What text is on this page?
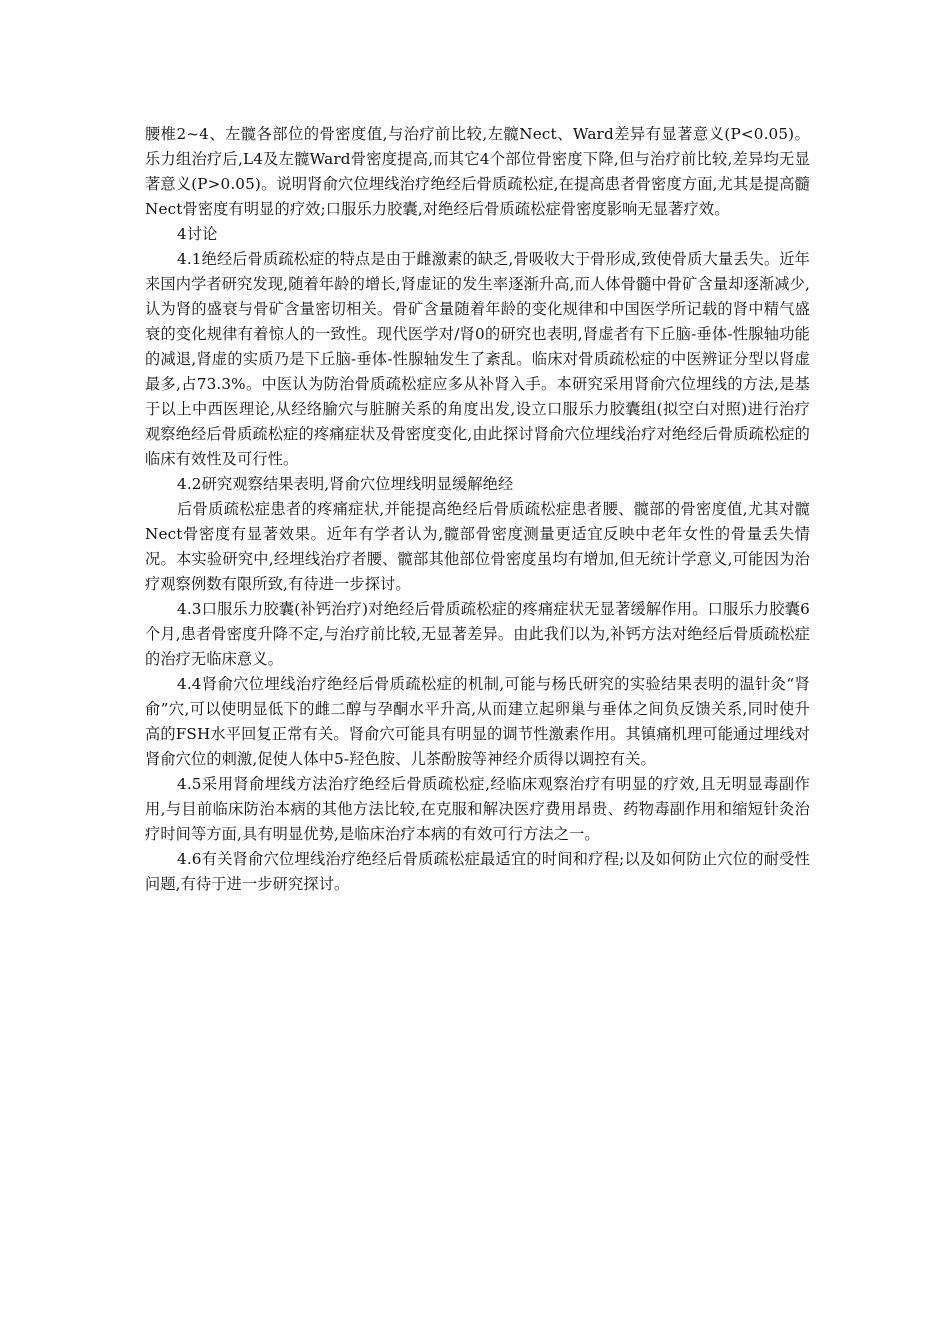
腰椎2~4、左髋各部位的骨密度值,与治疗前比较,左髋Nect、Ward差异有显著意义(P<0.05)。乐力组治疗后,L4及左髋Ward骨密度提高,而其它4个部位骨密度下降,但与治疗前比较,差异均无显著意义(P>0.05)。说明肾俞穴位埋线治疗绝经后骨质疏松症,在提高患者骨密度方面,尤其是提高髓Nect骨密度有明显的疗效;口服乐力胶囊,对绝经后骨质疏松症骨密度影响无显著疗效。

4讨论

4.1绝经后骨质疏松症的特点是由于雌激素的缺乏,骨吸收大于骨形成,致使骨质大量丢失。近年来国内学者研究发现,随着年龄的增长,肾虚证的发生率逐渐升高,而人体骨髓中骨矿含量却逐渐减少,认为肾的盛衰与骨矿含量密切相关。骨矿含量随着年龄的变化规律和中国医学所记载的肾中精气盛衰的变化规律有着惊人的一致性。现代医学对/肾0的研究也表明,肾虚者有下丘脑-垂体-性腺轴功能的减退,肾虚的实质乃是下丘脑-垂体-性腺轴发生了紊乱。临床对骨质疏松症的中医辨证分型以肾虚最多,占73.3%。中医认为防治骨质疏松症应多从补肾入手。本研究采用肾俞穴位埋线的方法,是基于以上中西医理论,从经络腧穴与脏腑关系的角度出发,设立口服乐力胶囊组(拟空白对照)进行治疗观察绝经后骨质疏松症的疼痛症状及骨密度变化,由此探讨肾俞穴位埋线治疗对绝经后骨质疏松症的临床有效性及可行性。

4.2研究观察结果表明,肾俞穴位埋线明显缓解绝经

后骨质疏松症患者的疼痛症状,并能提高绝经后骨质疏松症患者腰、髋部的骨密度值,尤其对髋Nect骨密度有显著效果。近年有学者认为,髋部骨密度测量更适宜反映中老年女性的骨量丢失情况。本实验研究中,经埋线治疗者腰、髋部其他部位骨密度虽均有增加,但无统计学意义,可能因为治疗观察例数有限所致,有待进一步探讨。

4.3口服乐力胶囊(补钙治疗)对绝经后骨质疏松症的疼痛症状无显著缓解作用。口服乐力胶囊6个月,患者骨密度升降不定,与治疗前比较,无显著差异。由此我们以为,补钙方法对绝经后骨质疏松症的治疗无临床意义。

4.4肾俞穴位埋线治疗绝经后骨质疏松症的机制,可能与杨氏研究的实验结果表明的温针灸“肾俞”穴,可以使明显低下的雌二醇与孕酮水平升高,从而建立起卵巢与垂体之间负反馈关系,同时使升高的FSH水平回复正常有关。肾俞穴可能具有明显的调节性激素作用。其镇痛机理可能通过埋线对肾俞穴位的刺激,促使人体中5-羟色胺、儿茶酚胺等神经介质得以调控有关。

4.5采用肾俞埋线方法治疗绝经后骨质疏松症,经临床观察治疗有明显的疗效,且无明显毒副作用,与目前临床防治本病的其他方法比较,在克服和解决医疗费用昂贵、药物毒副作用和缩短针灸治疗时间等方面,具有明显优势,是临床治疗本病的有效可行方法之一。

4.6有关肾俞穴位埋线治疗绝经后骨质疏松症最适宜的时间和疗程;以及如何防止穴位的耐受性问题,有待于进一步研究探讨。
